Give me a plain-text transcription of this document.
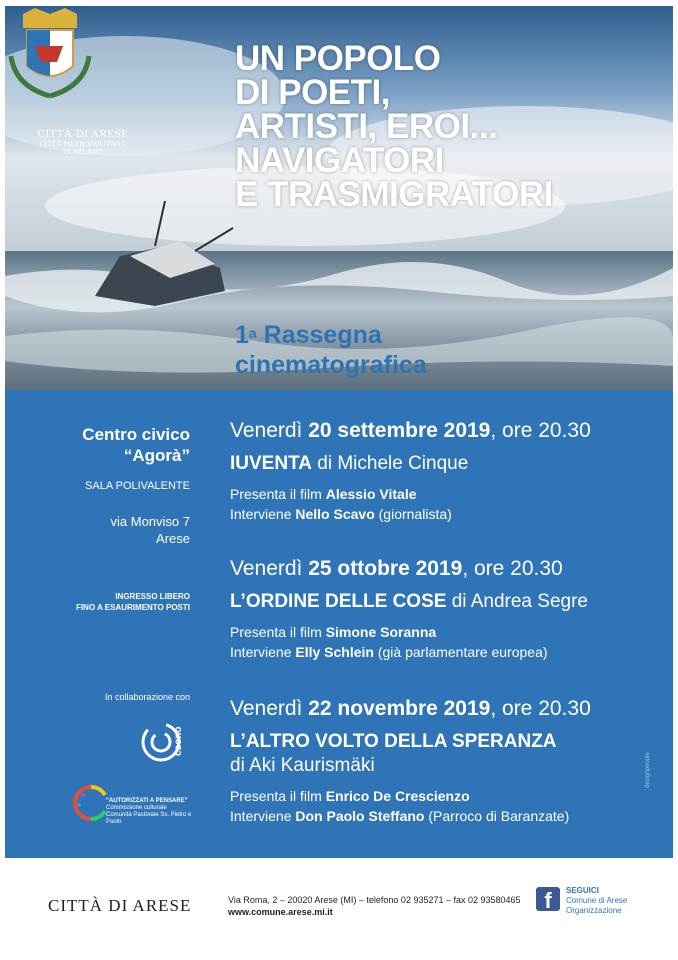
CITTÀ DI ARESE
CITTÀ METROPOLITANA
DI MILANO
UN POPOLO
DI POETI,
ARTISTI, EROI...
NAVIGATORI
E TRASMIGRATORI
1$^a$ Rassegna
cinematografica
Centro civico
“Agorà”
SALA POLIVALENTE
via Monviso 7
Arese
INGRESSO LIBERO
FINO A ESAURIMENTO POSTI
In collaborazione con
csono
“AUTORIZZATI A PENSARE”
Commissione culturale
Comunità Pastorale Ss. Pietro e Paolo
Venerdì 20 settembre 2019, ore 20.30
IUVENTA di Michele Cinque
Presenta il film Alessio Vitale
Interviene Nello Scavo (giornalista)
Venerdì 25 ottobre 2019, ore 20.30
L’ORDINE DELLE COSE di Andrea Segre
Presenta il film Simone Soranna
Interviene Elly Schlein (già parlamentare europea)
Venerdì 22 novembre 2019, ore 20.30
L’ALTRO VOLTO DELLA SPERANZA
di Aki Kaurismäki
Presenta il film Enrico De Crescienzo
Interviene Don Paolo Steffano (Parroco di Baranzate)
designpeople
CITTÀ DI ARESE	Via Roma, 2 – 20020 Arese (MI) – telefono 02 935271 – fax 02 93580465
www.comune.arese.mi.it	f	SEGUICI
Comune di Arese
Organizzazione
